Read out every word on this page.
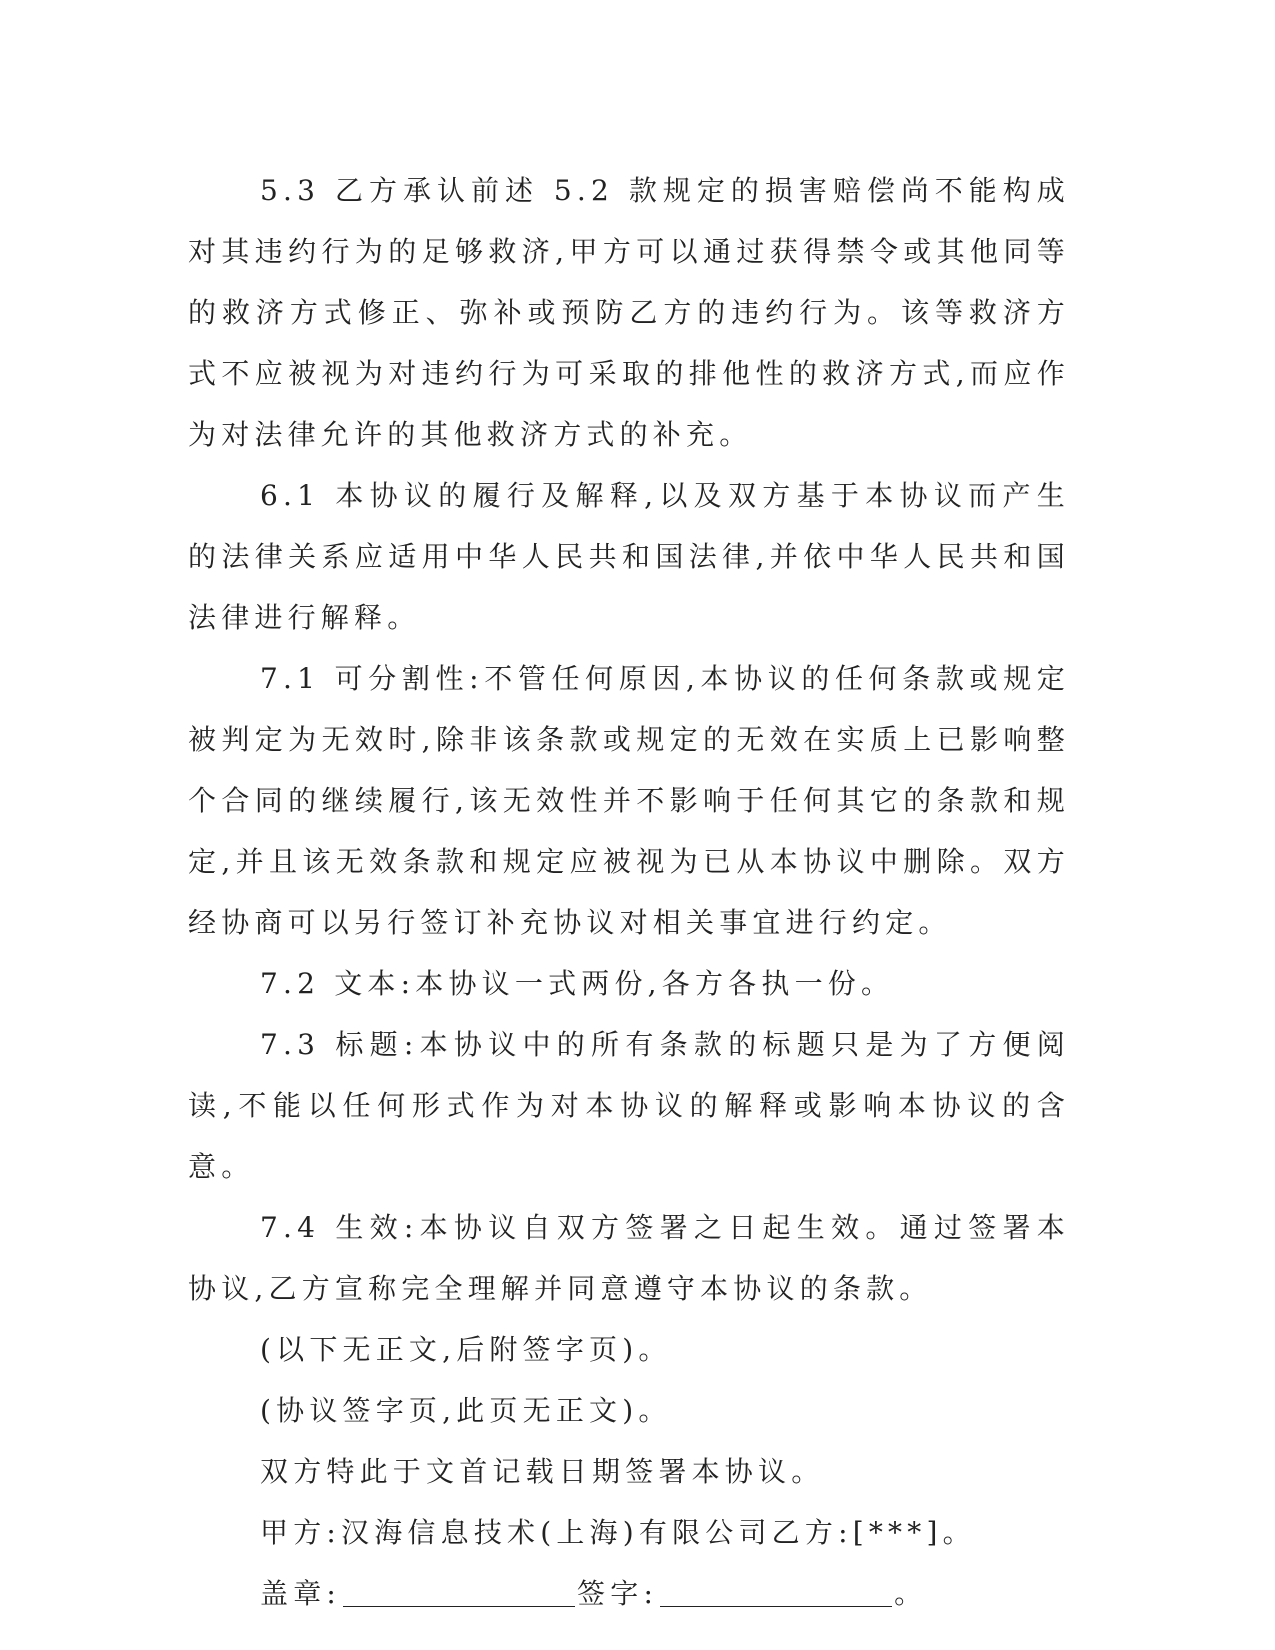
5.3 乙方承认前述 5.2 款规定的损害赔偿尚不能构成对其违约行为的足够救济,甲方可以通过获得禁令或其他同等的救济方式修正、弥补或预防乙方的违约行为。该等救济方式不应被视为对违约行为可采取的排他性的救济方式,而应作为对法律允许的其他救济方式的补充。

6.1 本协议的履行及解释,以及双方基于本协议而产生的法律关系应适用中华人民共和国法律,并依中华人民共和国法律进行解释。

7.1 可分割性:不管任何原因,本协议的任何条款或规定被判定为无效时,除非该条款或规定的无效在实质上已影响整个合同的继续履行,该无效性并不影响于任何其它的条款和规定,并且该无效条款和规定应被视为已从本协议中删除。双方经协商可以另行签订补充协议对相关事宜进行约定。

7.2 文本:本协议一式两份,各方各执一份。

7.3 标题:本协议中的所有条款的标题只是为了方便阅读,不能以任何形式作为对本协议的解释或影响本协议的含意。

7.4 生效:本协议自双方签署之日起生效。通过签署本协议,乙方宣称完全理解并同意遵守本协议的条款。

(以下无正文,后附签字页)。

(协议签字页,此页无正文)。

双方特此于文首记载日期签署本协议。

甲方:汉海信息技术(上海)有限公司乙方:[***]。

盖章:	签字:	。
